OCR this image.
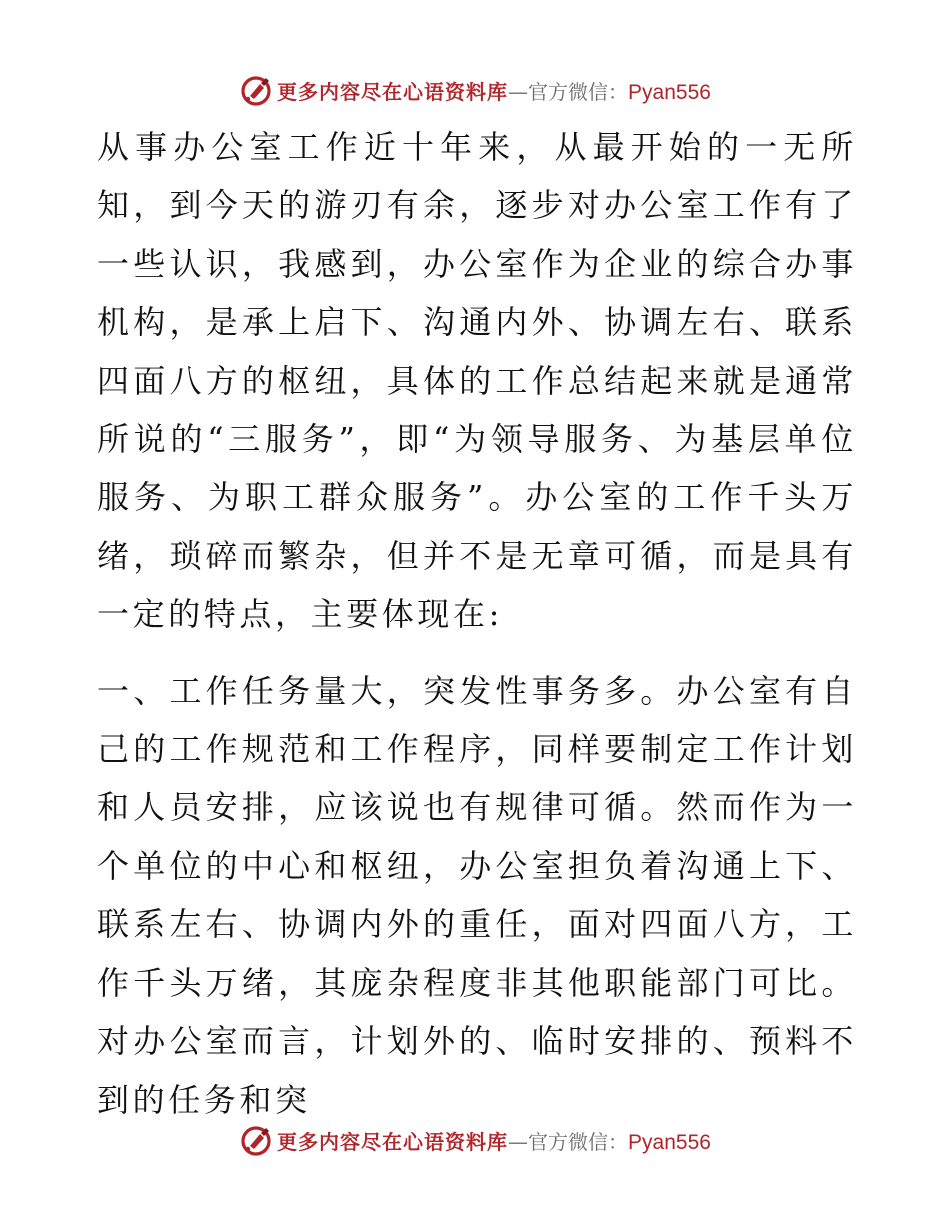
更多内容尽在心语资料库 — 官方微信： Pyan556

从事办公室工作近十年来，从最开始的一无所知，到今天的游刃有余，逐步对办公室工作有了一些认识，我感到，办公室作为企业的综合办事机构，是承上启下、沟通内外、协调左右、联系四面八方的枢纽，具体的工作总结起来就是通常所说的“三服务”，即“为领导服务、为基层单位服务、为职工群众服务”。办公室的工作千头万绪，琐碎而繁杂，但并不是无章可循，而是具有一定的特点，主要体现在:

一、工作任务量大，突发性事务多。办公室有自己的工作规范和工作程序，同样要制定工作计划和人员安排，应该说也有规律可循。然而作为一个单位的中心和枢纽，办公室担负着沟通上下、联系左右、协调内外的重任，面对四面八方，工作千头万绪，其庞杂程度非其他职能部门可比。对办公室而言，计划外的、临时安排的、预料不到的任务和突

更多内容尽在心语资料库 — 官方微信： Pyan556
